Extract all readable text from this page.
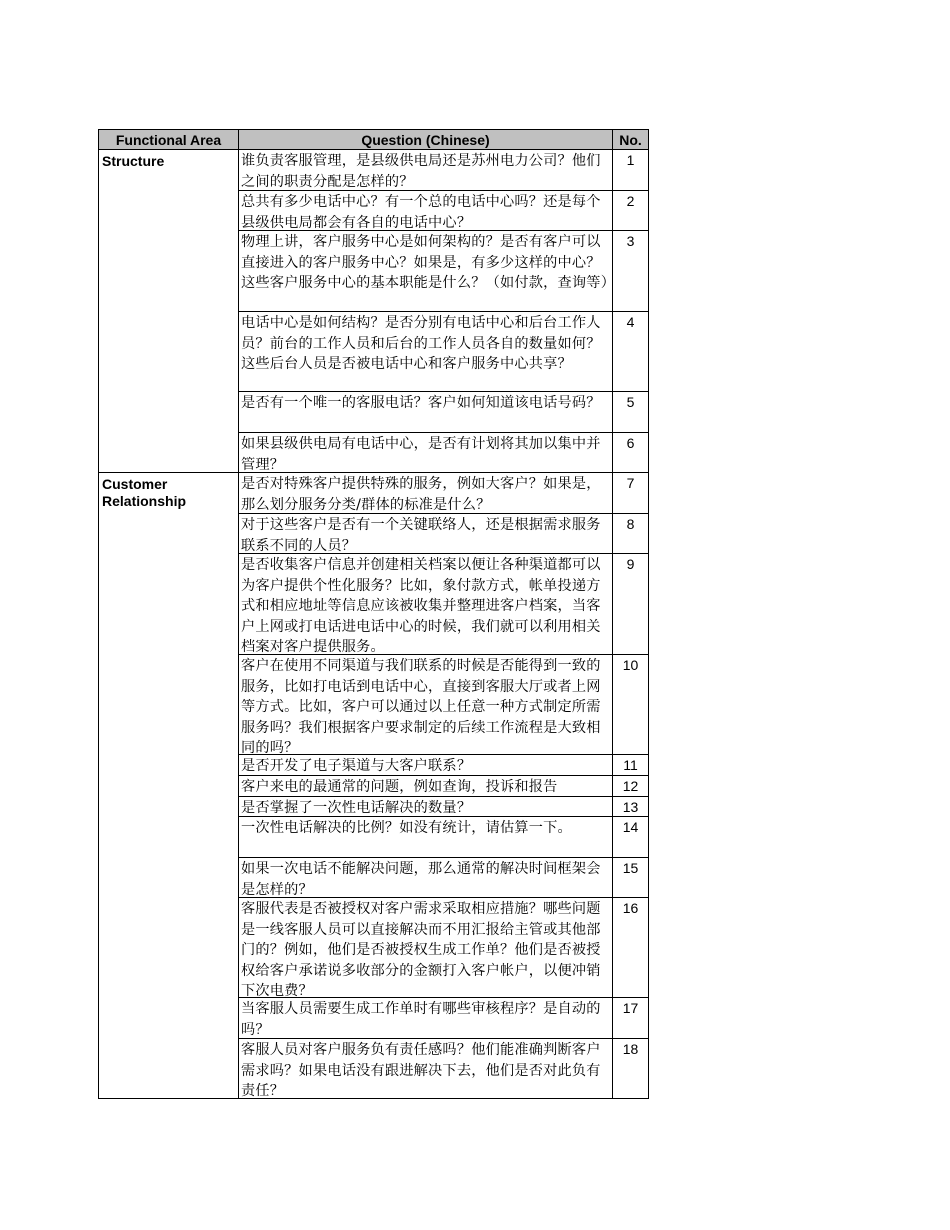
Functional Area	Question (Chinese)	No.

Structure	谁负责客服管理，是县级供电局还是苏州电力公司？他们之间的职责分配是怎样的？	1

	总共有多少电话中心？有一个总的电话中心吗？还是每个县级供电局都会有各自的电话中心？	2

	物理上讲，客户服务中心是如何架构的？是否有客户可以直接进入的客户服务中心？如果是，有多少这样的中心？这些客户服务中心的基本职能是什么？（如付款，查询等）	3

	电话中心是如何结构？是否分别有电话中心和后台工作人员？前台的工作人员和后台的工作人员各自的数量如何？这些后台人员是否被电话中心和客户服务中心共享？	4

	是否有一个唯一的客服电话？客户如何知道该电话号码？	5

	如果县级供电局有电话中心，是否有计划将其加以集中并管理？	6

Customer Relationship	是否对特殊客户提供特殊的服务，例如大客户？如果是，那么划分服务分类/群体的标准是什么？	7

	对于这些客户是否有一个关键联络人，还是根据需求服务联系不同的人员？	8

	是否收集客户信息并创建相关档案以便让各种渠道都可以为客户提供个性化服务？比如，象付款方式，帐单投递方式和相应地址等信息应该被收集并整理进客户档案，当客户上网或打电话进电话中心的时候，我们就可以利用相关档案对客户提供服务。	9

	客户在使用不同渠道与我们联系的时候是否能得到一致的服务，比如打电话到电话中心，直接到客服大厅或者上网等方式。比如，客户可以通过以上任意一种方式制定所需服务吗？我们根据客户要求制定的后续工作流程是大致相同的吗？	10

	是否开发了电子渠道与大客户联系？	11

	客户来电的最通常的问题，例如查询，投诉和报告	12

	是否掌握了一次性电话解决的数量？	13

	一次性电话解决的比例？如没有统计，请估算一下。	14

	如果一次电话不能解决问题，那么通常的解决时间框架会是怎样的？	15

	客服代表是否被授权对客户需求采取相应措施？哪些问题是一线客服人员可以直接解决而不用汇报给主管或其他部门的？例如，他们是否被授权生成工作单？他们是否被授权给客户承诺说多收部分的金额打入客户帐户，以便冲销下次电费？	16

	当客服人员需要生成工作单时有哪些审核程序？是自动的吗？	17

	客服人员对客户服务负有责任感吗？他们能准确判断客户需求吗？如果电话没有跟进解决下去，他们是否对此负有责任？	18
